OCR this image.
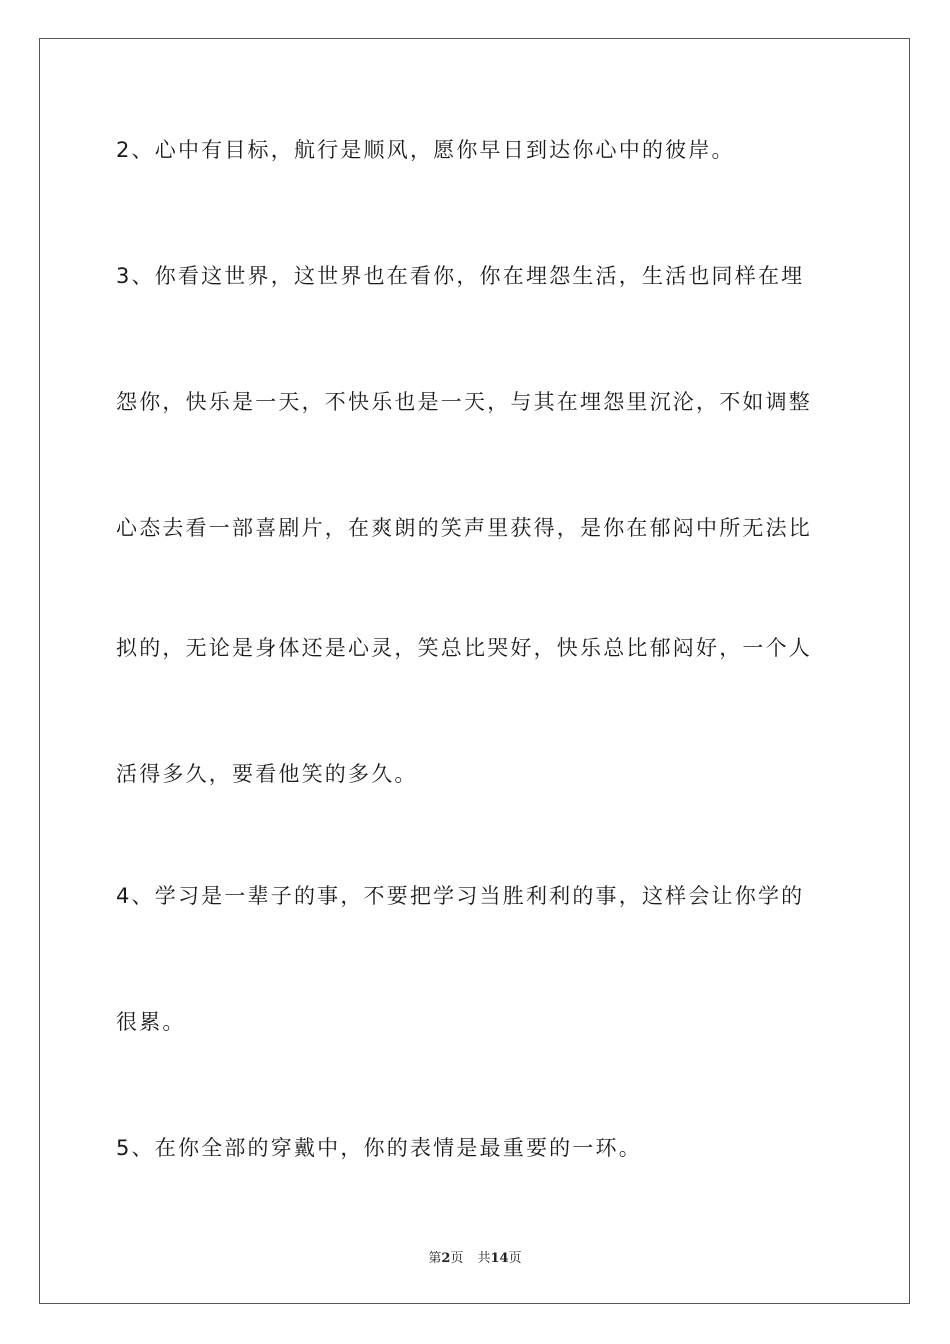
2、心中有目标，航行是顺风，愿你早日到达你心中的彼岸。
3、你看这世界，这世界也在看你，你在埋怨生活，生活也同样在埋
怨你，快乐是一天，不快乐也是一天，与其在埋怨里沉沦，不如调整
心态去看一部喜剧片，在爽朗的笑声里获得，是你在郁闷中所无法比
拟的，无论是身体还是心灵，笑总比哭好，快乐总比郁闷好，一个人
活得多久，要看他笑的多久。
4、学习是一辈子的事，不要把学习当胜利利的事，这样会让你学的
很累。
5、在你全部的穿戴中，你的表情是最重要的一环。
第2页 共14页
